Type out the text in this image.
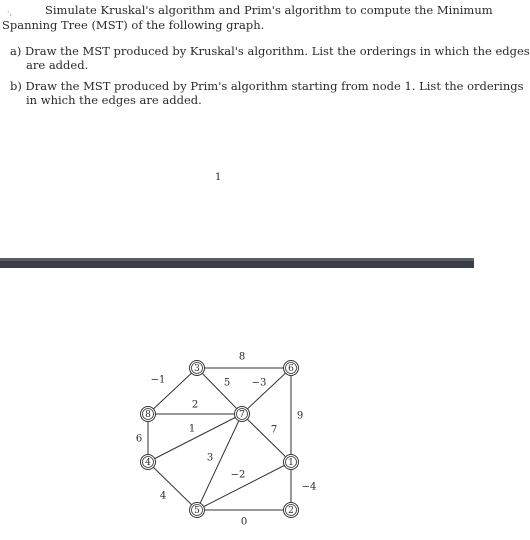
·,	Simulate Kruskal's algorithm and Prim's algorithm to compute the Minimum
Spanning Tree (MST) of the following graph.
a) Draw the MST produced by Kruskal's algorithm. List the orderings in which the edges
are added.
b) Draw the MST produced by Prim's algorithm starting from node 1. List the orderings
in which the edges are added.
1
8
−1	5 −3
9
2
6
1
3
7
−2
−4
4
0
3	6
8	7
4	1
5	2
